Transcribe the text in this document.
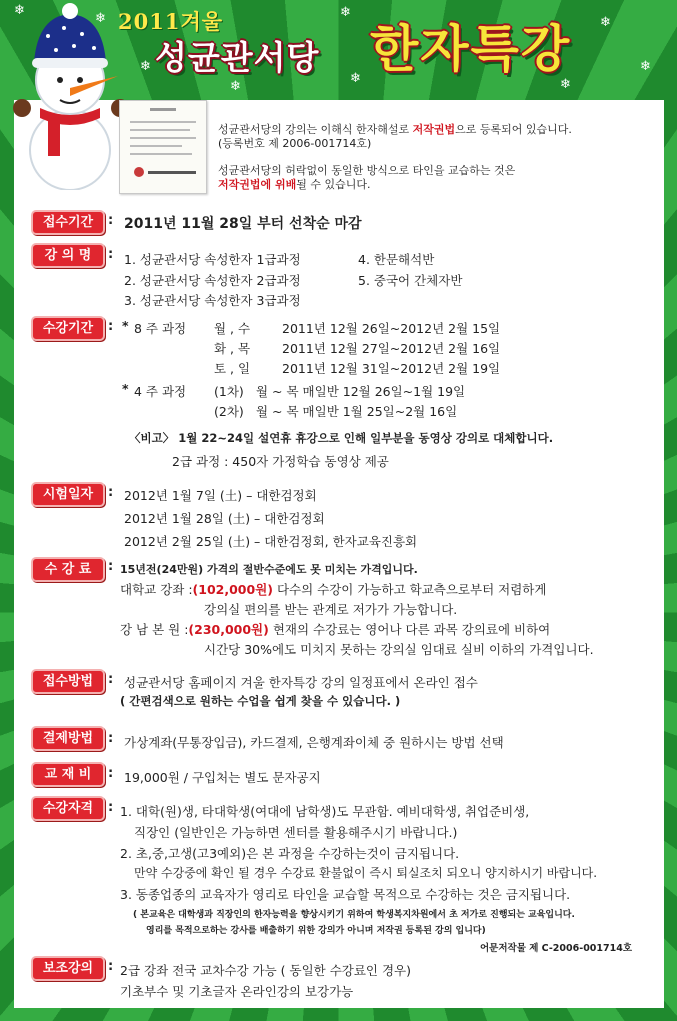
❄
❄
❄
❄
❄
❄
❄
❄
❄
2011겨울
성균관서당 한자특강
성균관서당의 강의는 이해식 한자해설로 저작권법으로 등록되어 있습니다.
(등록번호 제 2006-001714호)
성균관서당의 허락없이 동일한 방식으로 타인을 교습하는 것은
저작권법에 위배될 수 있습니다.
접수기간	: 2011년 11월 28일 부터 선착순 마감
강 의 명	: 1. 성균관서당 속성한자 1급과정
2. 성균관서당 속성한자 2급과정
3. 성균관서당 속성한자 3급과정
4. 한문해석반
5. 중국어 간체자반
수강기간	: * 8 주 과정 월 , 수	2011년 12월 26일~2012년 2월 15일
화 , 목	2011년 12월 27일~2012년 2월 16일
토 , 일	2011년 12월 31일~2012년 2월 19일
* 4 주 과정 (1차) 월 ~ 목 매일반 12월 26일~1월 19일
(2차) 월 ~ 목 매일반 1월 25일~2월 16일
〈비고〉 1월 22~24일 설연휴 휴강으로 인해 일부분을 동영상 강의로 대체합니다.
2급 과정 : 450자 가정학습 동영상 제공
시험일자	: 2012년 1월 7일 (土) – 대한검정회
2012년 1월 28일 (土) – 대한검정회
2012년 2월 25일 (土) – 대한검정회, 한자교육진흥회
수 강 료	: 15년전(24만원) 가격의 절반수준에도 못 미치는 가격입니다.
대학교 강좌 :(102,000원) 다수의 수강이 가능하고 학교측으로부터 저렴하게
강의실 편의를 받는 관계로 저가가 가능합니다.
강 남 본 원 :(230,000원) 현재의 수강료는 영어나 다른 과목 강의료에 비하여
시간당 30%에도 미치지 못하는 강의실 임대료 실비 이하의 가격입니다.
접수방법	: 성균관서당 홈페이지 겨울 한자특강 강의 일정표에서 온라인 접수
( 간편검색으로 원하는 수업을 쉽게 찾을 수 있습니다. )
결제방법	: 가상계좌(무통장입금), 카드결제, 은행계좌이체 중 원하시는 방법 선택
교 재 비	: 19,000원 / 구입처는 별도 문자공지
수강자격	: 1. 대학(원)생, 타대학생(여대에 남학생)도 무관함. 예비대학생, 취업준비생,
직장인 (일반인은 가능하면 센터를 활용해주시기 바랍니다.)
2. 초,중,고생(고3예외)은 본 과정을 수강하는것이 금지됩니다.
만약 수강중에 확인 될 경우 수강료 환불없이 즉시 퇴실조치 되오니 양지하시기 바랍니다.
3. 동종업종의 교육자가 영리로 타인을 교습할 목적으로 수강하는 것은 금지됩니다.
( 본교육은 대학생과 직장인의 한자능력을 향상시키기 위하여 학생복지차원에서 초 저가로 진행되는 교육입니다.
영리를 목적으로하는 강사를 배출하기 위한 강의가 아니며 저작권 등록된 강의 입니다)
어문저작물 제 C-2006-001714호
보조강의	: 2급 강좌 전국 교차수강 가능 ( 동일한 수강료인 경우)
기초부수 및 기초글자 온라인강의 보강가능
